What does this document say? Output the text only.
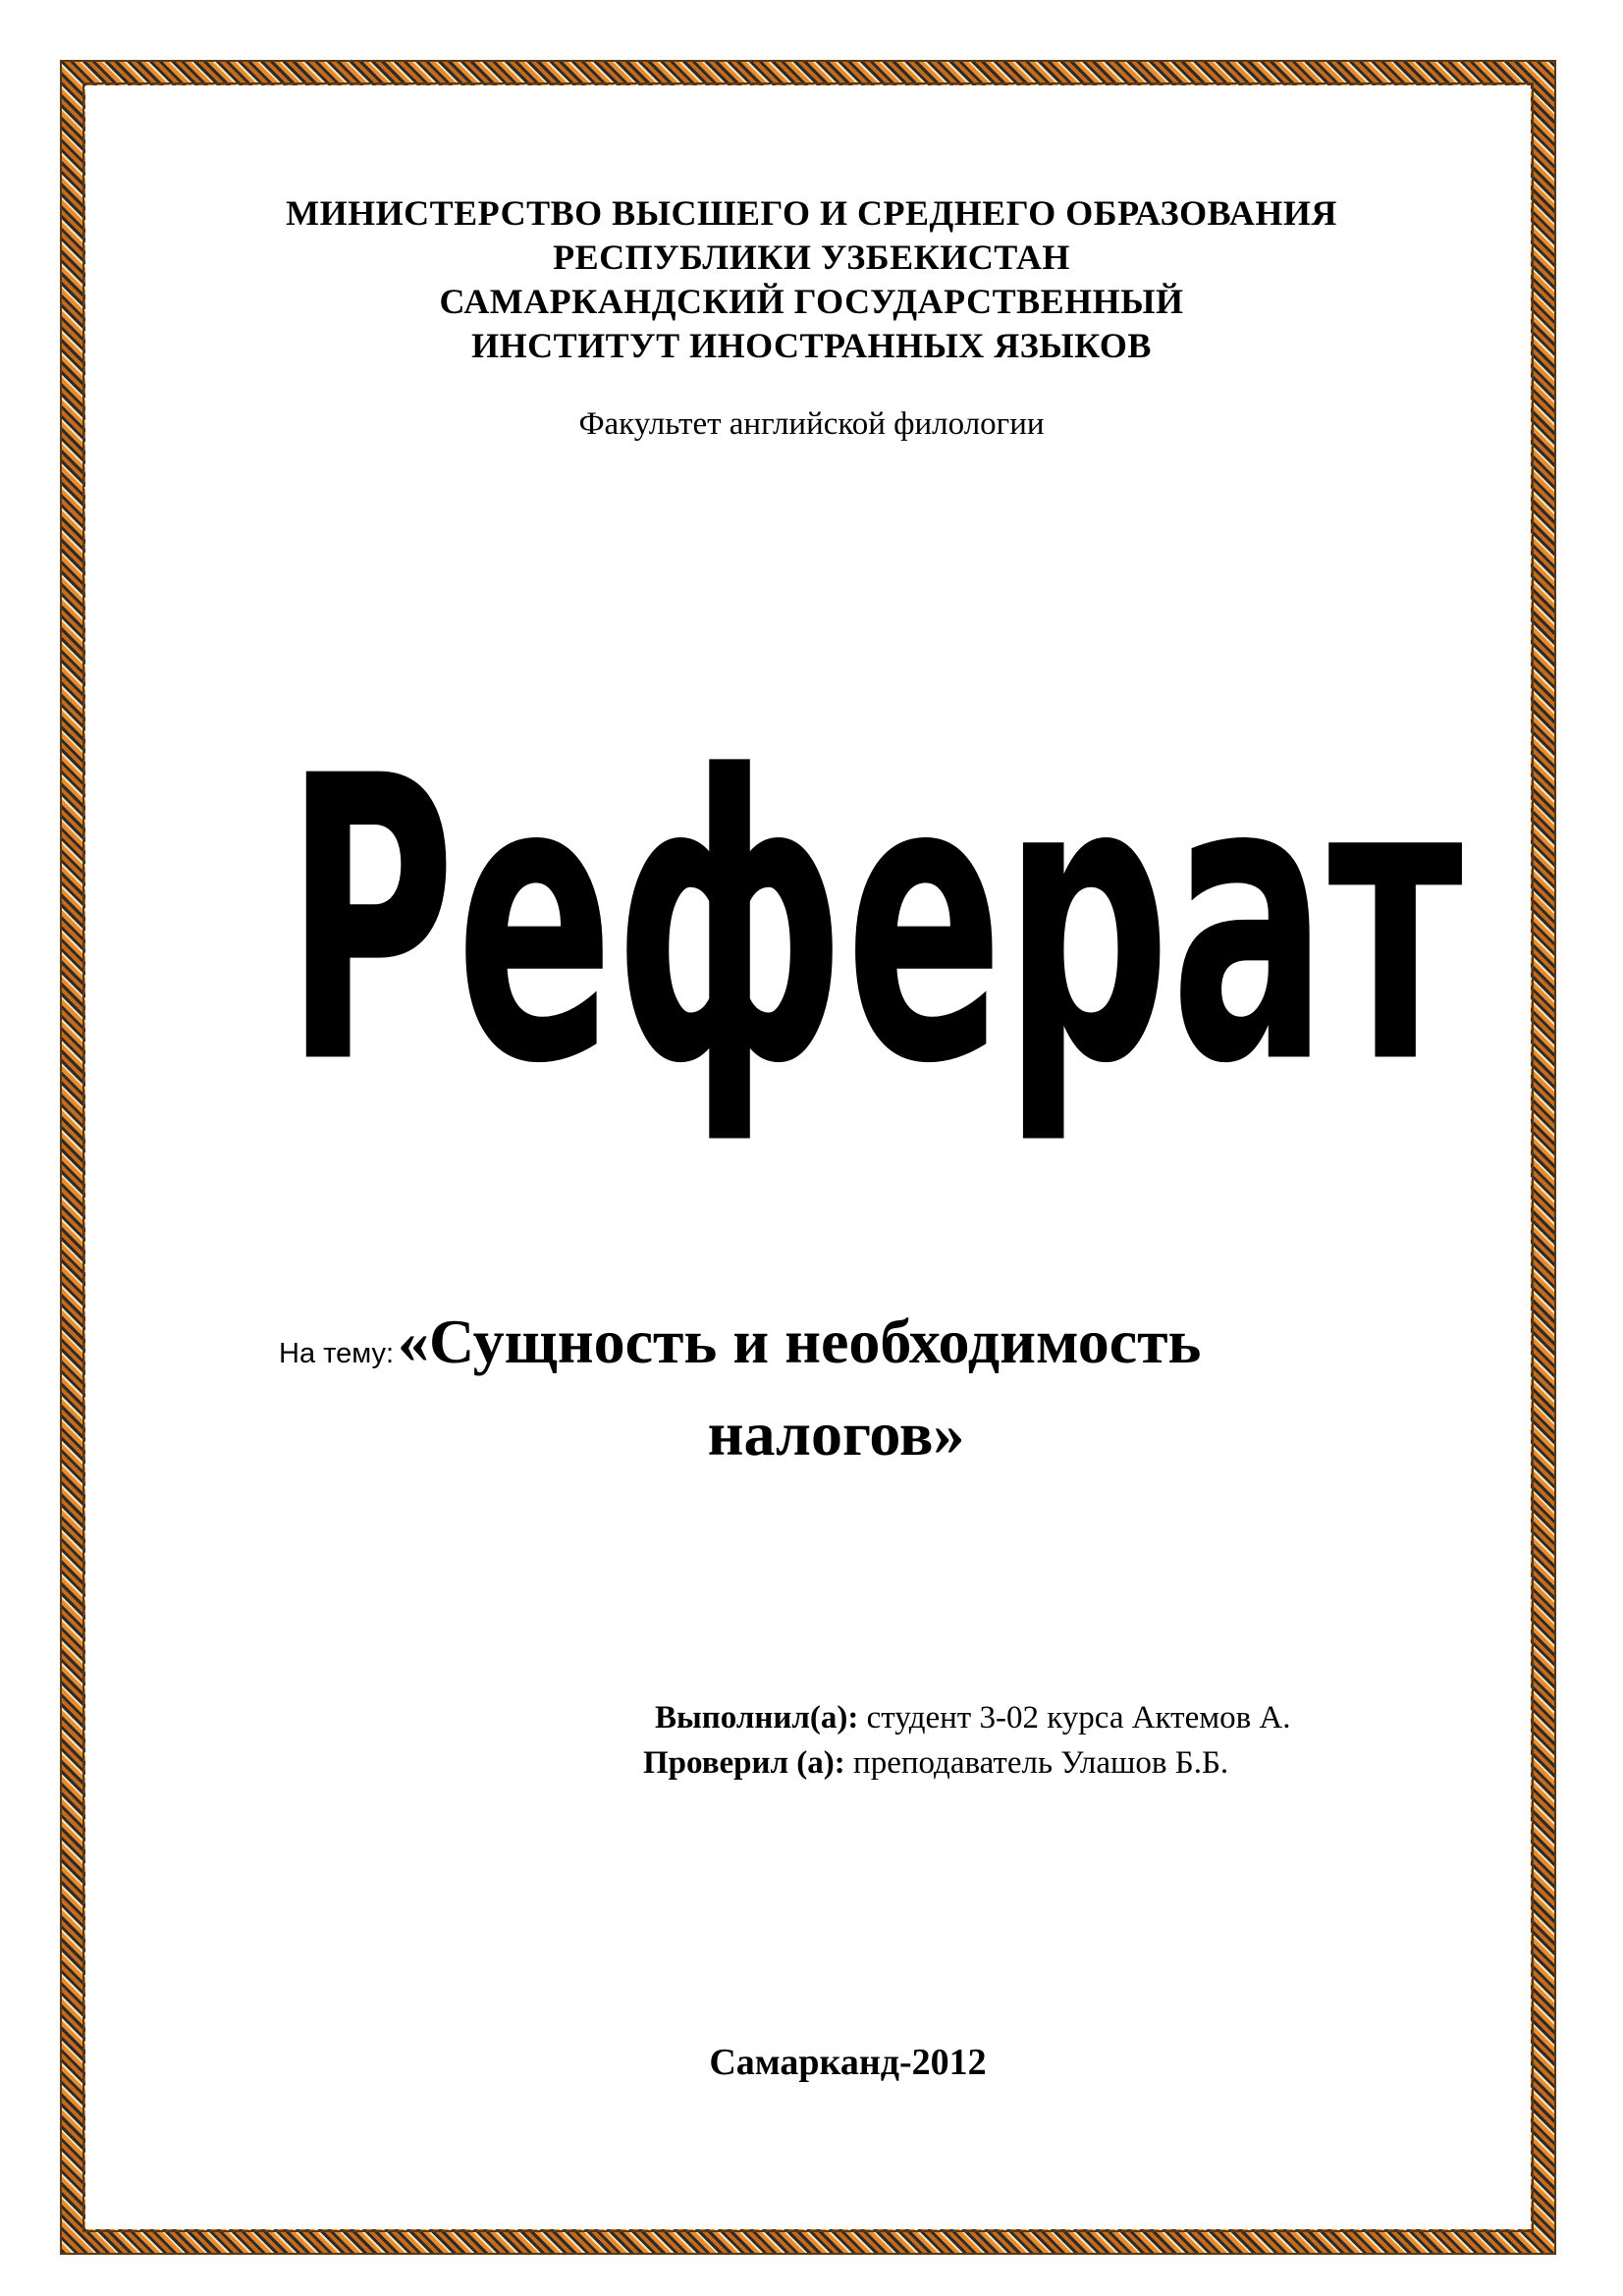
МИНИСТЕРСТВО ВЫСШЕГО И СРЕДНЕГО ОБРАЗОВАНИЯ
РЕСПУБЛИКИ УЗБЕКИСТАН
САМАРКАНДСКИЙ ГОСУДАРСТВЕННЫЙ
ИНСТИТУТ ИНОСТРАННЫХ ЯЗЫКОВ
Факультет английской филологии
Реферат
На тему: «Сущность и необходимость
налогов»
Выполнил(а): студент 3-02 курса Актемов А.
Проверил (а): преподаватель Улашов Б.Б.
Самарканд-2012
